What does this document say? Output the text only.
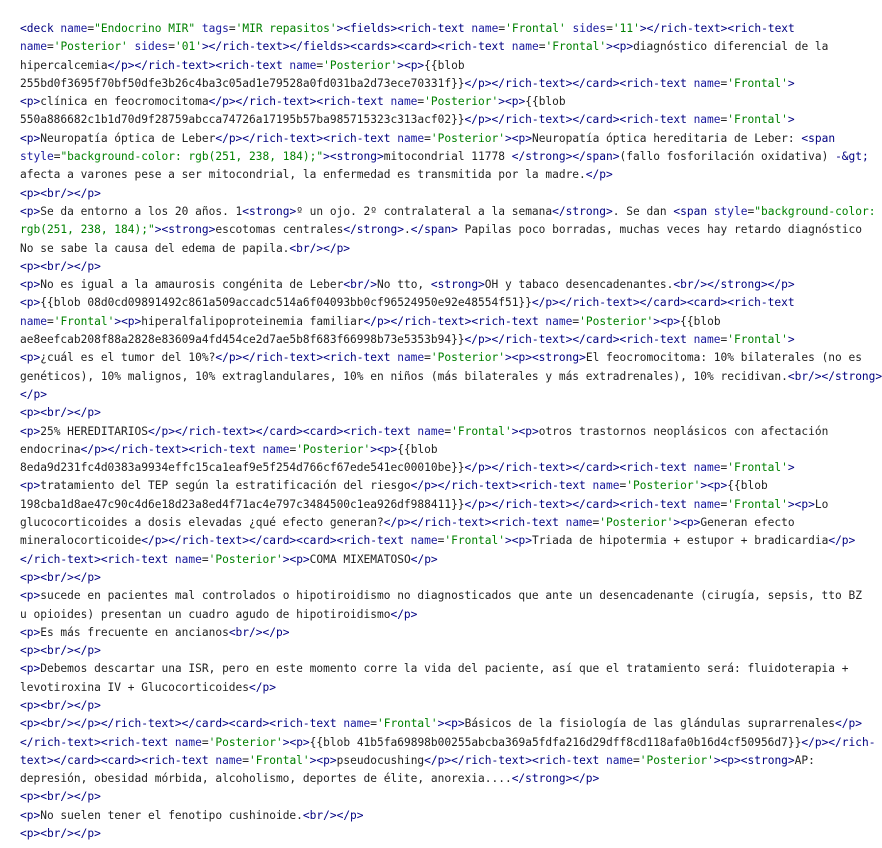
<deck name="Endocrino MIR" tags='MIR repasitos'><fields><rich-text name='Frontal' sides='11'></rich-text><rich-text
name='Posterior' sides='01'></rich-text></fields><cards><card><rich-text name='Frontal'><p>diagnóstico diferencial de la
hipercalcemia</p></rich-text><rich-text name='Posterior'><p>{{blob
255bd0f3695f70bf50dfe3b26c4ba3c05ad1e79528a0fd031ba2d73ece70331f}}</p></rich-text></card><rich-text name='Frontal'>
<p>clínica en feocromocitoma</p></rich-text><rich-text name='Posterior'><p>{{blob
550a886682c1b1d70d9f28759abcca74726a17195b57ba985715323c313acf02}}</p></rich-text></card><rich-text name='Frontal'>
<p>Neuropatía óptica de Leber</p></rich-text><rich-text name='Posterior'><p>Neuropatía óptica hereditaria de Leber: <span
style="background-color: rgb(251, 238, 184);"><strong>mitocondrial 11778 </strong></span>(fallo fosforilación oxidativa) -&gt;
afecta a varones pese a ser mitocondrial, la enfermedad es transmitida por la madre.</p>
<p><br/></p>
<p>Se da entorno a los 20 años. 1<strong>º un ojo. 2º contralateral a la semana</strong>. Se dan <span style="background-color:
rgb(251, 238, 184);"><strong>escotomas centrales</strong>.</span> Papilas poco borradas, muchas veces hay retardo diagnóstico
No se sabe la causa del edema de papila.<br/></p>
<p><br/></p>
<p>No es igual a la amaurosis congénita de Leber<br/>No tto, <strong>OH y tabaco desencadenantes.<br/></strong></p>
<p>{{blob 08d0cd09891492c861a509accadc514a6f04093bb0cf96524950e92e48554f51}}</p></rich-text></card><card><rich-text
name='Frontal'><p>hiperalfalipoproteinemia familiar</p></rich-text><rich-text name='Posterior'><p>{{blob
ae8eefcab208f88a2828e83609a4fd454ce2d7ae5b8f683f66998b73e5353b94}}</p></rich-text></card><rich-text name='Frontal'>
<p>¿cuál es el tumor del 10%?</p></rich-text><rich-text name='Posterior'><p><strong>El feocromocitoma: 10% bilaterales (no es
genéticos), 10% malignos, 10% extraglandulares, 10% en niños (más bilaterales y más extradrenales), 10% recidivan.<br/></strong>
</p>
<p><br/></p>
<p>25% HEREDITARIOS</p></rich-text></card><card><rich-text name='Frontal'><p>otros trastornos neoplásicos con afectación
endocrina</p></rich-text><rich-text name='Posterior'><p>{{blob
8eda9d231fc4d0383a9934effc15ca1eaf9e5f254d766cf67ede541ec00010be}}</p></rich-text></card><rich-text name='Frontal'>
<p>tratamiento del TEP según la estratificación del riesgo</p></rich-text><rich-text name='Posterior'><p>{{blob
198cba1d8ae47c90c4d6e18d23a8ed4f71ac4e797c3484500c1ea926df988411}}</p></rich-text></card><rich-text name='Frontal'><p>Lo
glucocorticoides a dosis elevadas ¿qué efecto generan?</p></rich-text><rich-text name='Posterior'><p>Generan efecto
mineralocorticoide</p></rich-text></card><card><rich-text name='Frontal'><p>Triada de hipotermia + estupor + bradicardia</p>
</rich-text><rich-text name='Posterior'><p>COMA MIXEMATOSO</p>
<p><br/></p>
<p>sucede en pacientes mal controlados o hipotiroidismo no diagnosticados que ante un desencadenante (cirugía, sepsis, tto BZ
u opioides) presentan un cuadro agudo de hipotiroidismo</p>
<p>Es más frecuente en ancianos<br/></p>
<p><br/></p>
<p>Debemos descartar una ISR, pero en este momento corre la vida del paciente, así que el tratamiento será: fluidoterapia +
levotiroxina IV + Glucocorticoides</p>
<p><br/></p>
<p><br/></p></rich-text></card><card><rich-text name='Frontal'><p>Básicos de la fisiología de las glándulas suprarrenales</p>
</rich-text><rich-text name='Posterior'><p>{{blob 41b5fa69898b00255abcba369a5fdfa216d29dff8cd118afa0b16d4cf50956d7}}</p></rich-
text></card><card><rich-text name='Frontal'><p>pseudocushing</p></rich-text><rich-text name='Posterior'><p><strong>AP:
depresión, obesidad mórbida, alcoholismo, deportes de élite, anorexia....</strong></p>
<p><br/></p>
<p>No suelen tener el fenotipo cushinoide.<br/></p>
<p><br/></p>
